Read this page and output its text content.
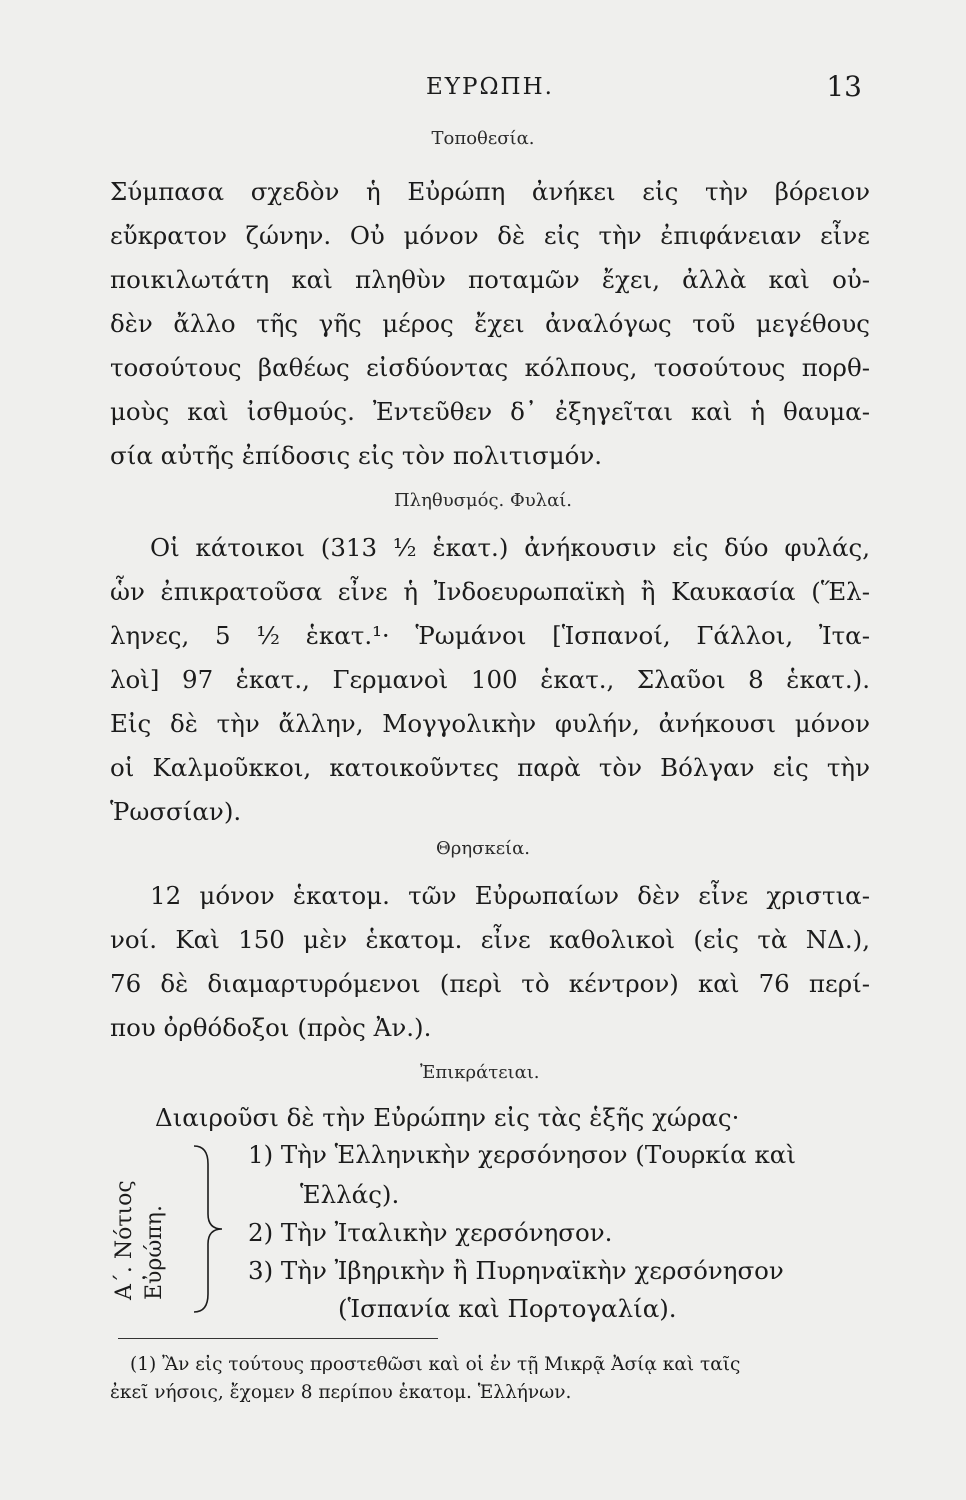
ΕΥΡΩΠΗ.	13
Τοποθεσία.
Σύμπασα σχεδὸν ἡ Εὐρώπη ἀνήκει εἰς τὴν βόρειον
εὔκρατον ζώνην. Οὐ μόνον δὲ εἰς τὴν ἐπιφάνειαν εἶνε
ποικιλωτάτη καὶ πληθὺν ποταμῶν ἔχει, ἀλλὰ καὶ οὐ-
δὲν ἄλλο τῆς γῆς μέρος ἔχει ἀναλόγως τοῦ μεγέθους
τοσούτους βαθέως εἰσδύοντας κόλπους, τοσούτους πορθ-
μοὺς καὶ ἰσθμούς. Ἐντεῦθεν δ᾽ ἐξηγεῖται καὶ ἡ θαυμα-
σία αὐτῆς ἐπίδοσις εἰς τὸν πολιτισμόν.
Πληθυσμός. Φυλαί.
Οἱ κάτοικοι (313 ½ ἑκατ.) ἀνήκουσιν εἰς δύο φυλάς,
ὧν ἐπικρατοῦσα εἶνε ἡ Ἰνδοευρωπαϊκὴ ἢ Καυκασία (Ἕλ-
ληνες, 5 ½ ἑκατ.¹· Ῥωμάνοι [Ἱσπανοί, Γάλλοι, Ἰτα-
λοὶ] 97 ἑκατ., Γερμανοὶ 100 ἑκατ., Σλαῦοι 8 ἑκατ.).
Εἰς δὲ τὴν ἄλλην, Μογγολικὴν φυλήν, ἀνήκουσι μόνον
οἱ Καλμοῦκκοι, κατοικοῦντες παρὰ τὸν Βόλγαν εἰς τὴν
Ῥωσσίαν).
Θρησκεία.
12 μόνον ἑκατομ. τῶν Εὐρωπαίων δὲν εἶνε χριστια-
νοί. Καὶ 150 μὲν ἑκατομ. εἶνε καθολικοὶ (εἰς τὰ ΝΔ.),
76 δὲ διαμαρτυρόμενοι (περὶ τὸ κέντρον) καὶ 76 περί-
που ὀρθόδοξοι (πρὸς Ἀν.).
Ἐπικράτειαι.
Διαιροῦσι δὲ τὴν Εὐρώπην εἰς τὰς ἑξῆς χώρας·
Α΄. Νότιος Εὐρώπη.
1) Τὴν Ἑλληνικὴν χερσόνησον (Τουρκία καὶ
Ἑλλάς).
2) Τὴν Ἰταλικὴν χερσόνησον.
3) Τὴν Ἰβηρικὴν ἢ Πυρηναϊκὴν χερσόνησον
(Ἱσπανία καὶ Πορτογαλία).
(1) Ἂν εἰς τούτους προστεθῶσι καὶ οἱ ἐν τῇ Μικρᾷ Ἀσίᾳ καὶ ταῖς
ἐκεῖ νήσοις, ἔχομεν 8 περίπου ἑκατομ. Ἑλλήνων.
